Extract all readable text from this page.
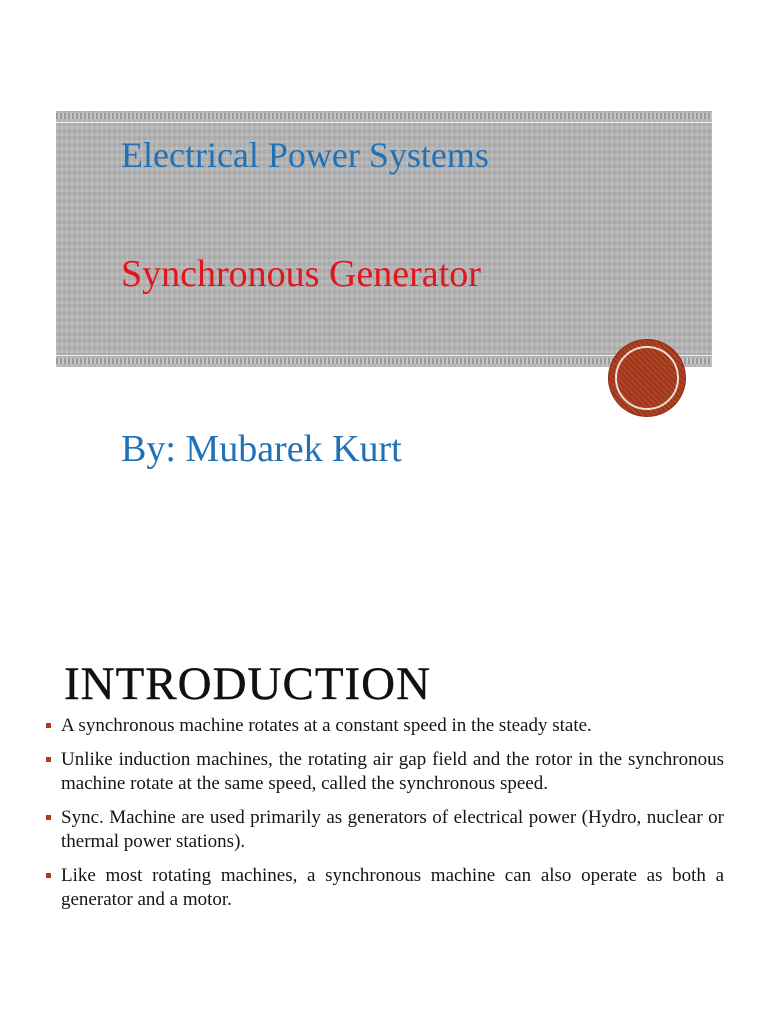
Electrical Power Systems
Synchronous Generator
By: Mubarek Kurt
INTRODUCTION
A synchronous machine rotates at a constant speed in the steady state.
Unlike induction machines, the rotating air gap field and the rotor in the synchronous machine rotate at the same speed, called the synchronous speed.
Sync. Machine are used primarily as generators of electrical power (Hydro, nuclear or thermal power stations).
Like most rotating machines, a synchronous machine can also operate as both a generator and a motor.
